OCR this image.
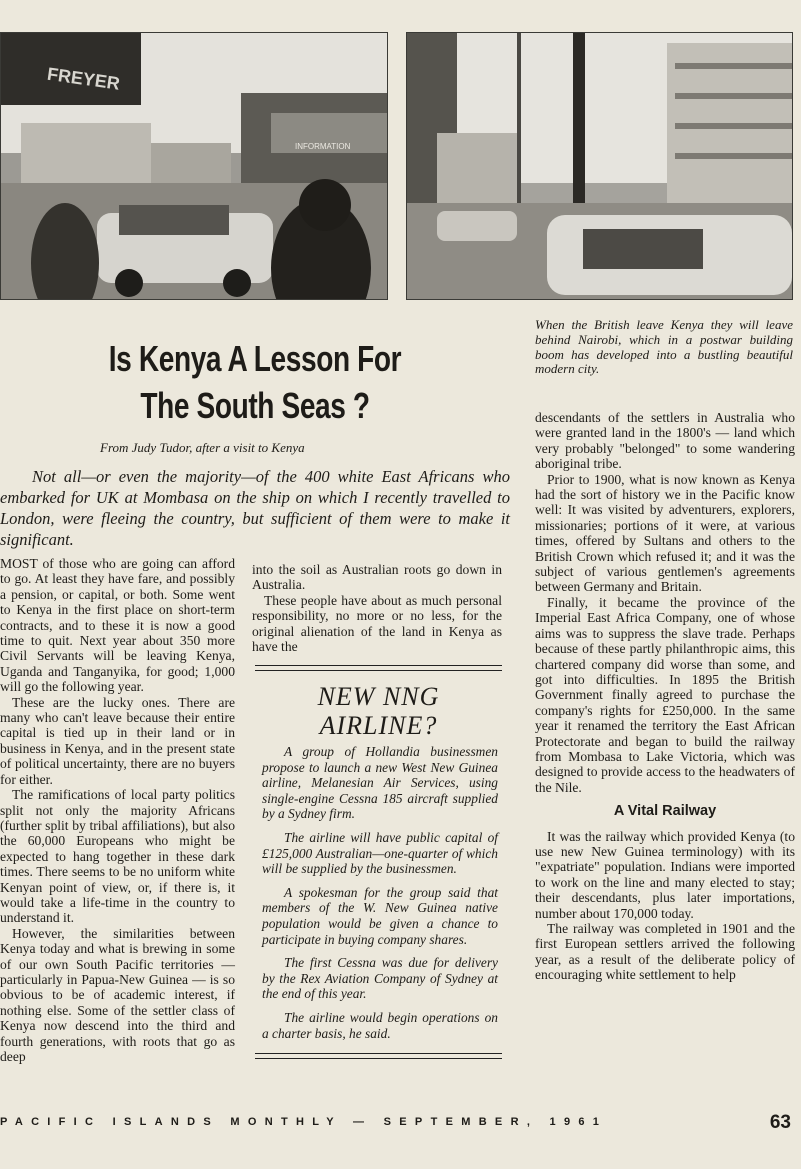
FREYER
INFORMATION
When the British leave Kenya they will leave behind Nairobi, which in a postwar building boom has developed into a bustling beautiful modern city.
Is Kenya A Lesson For
The South Seas ?
From Judy Tudor, after a visit to Kenya
Not all—or even the majority—of the 400 white East Africans who embarked for UK at Mombasa on the ship on which I recently travelled to London, were fleeing the country, but sufficient of them were to make it significant.

MOST of those who are going can afford to go. At least they have fare, and possibly a pension, or capital, or both. Some went to Kenya in the first place on short-term contracts, and to these it is now a good time to quit. Next year about 350 more Civil Servants will be leaving Kenya, Uganda and Tanganyika, for good; 1,000 will go the following year.

These are the lucky ones. There are many who can't leave because their entire capital is tied up in their land or in business in Kenya, and in the present state of political uncertainty, there are no buyers for either.

The ramifications of local party politics split not only the majority Africans (further split by tribal affiliations), but also the 60,000 Europeans who might be expected to hang together in these dark times. There seems to be no uniform white Kenyan point of view, or, if there is, it would take a life-time in the country to understand it.

However, the similarities between Kenya today and what is brewing in some of our own South Pacific territories — particularly in Papua-New Guinea — is so obvious to be of academic interest, if nothing else. Some of the settler class of Kenya now descend into the third and fourth generations, with roots that go as deep

into the soil as Australian roots go down in Australia.

These people have about as much personal responsibility, no more or no less, for the original alienation of the land in Kenya as have the

NEW NNG
AIRLINE?

A group of Hollandia businessmen propose to launch a new West New Guinea airline, Melanesian Air Services, using single-engine Cessna 185 aircraft supplied by a Sydney firm.

The airline will have public capital of £125,000 Australian—one-quarter of which will be supplied by the businessmen.

A spokesman for the group said that members of the W. New Guinea native population would be given a chance to participate in buying company shares.

The first Cessna was due for delivery by the Rex Aviation Company of Sydney at the end of this year.

The airline would begin operations on a charter basis, he said.

descendants of the settlers in Australia who were granted land in the 1800's — land which very probably "belonged" to some wandering aboriginal tribe.

Prior to 1900, what is now known as Kenya had the sort of history we in the Pacific know well: It was visited by adventurers, explorers, missionaries; portions of it were, at various times, offered by Sultans and others to the British Crown which refused it; and it was the subject of various gentlemen's agreements between Germany and Britain.

Finally, it became the province of the Imperial East Africa Company, one of whose aims was to suppress the slave trade. Perhaps because of these partly philanthropic aims, this chartered company did worse than some, and got into difficulties. In 1895 the British Government finally agreed to purchase the company's rights for £250,000. In the same year it renamed the territory the East African Protectorate and began to build the railway from Mombasa to Lake Victoria, which was designed to provide access to the headwaters of the Nile.

A Vital Railway

It was the railway which provided Kenya (to use new New Guinea terminology) with its "expatriate" population. Indians were imported to work on the line and many elected to stay; their descendants, plus later importations, number about 170,000 today.

The railway was completed in 1901 and the first European settlers arrived the following year, as a result of the deliberate policy of encouraging white settlement to help

PACIFIC ISLANDS MONTHLY — SEPTEMBER, 1961	63
